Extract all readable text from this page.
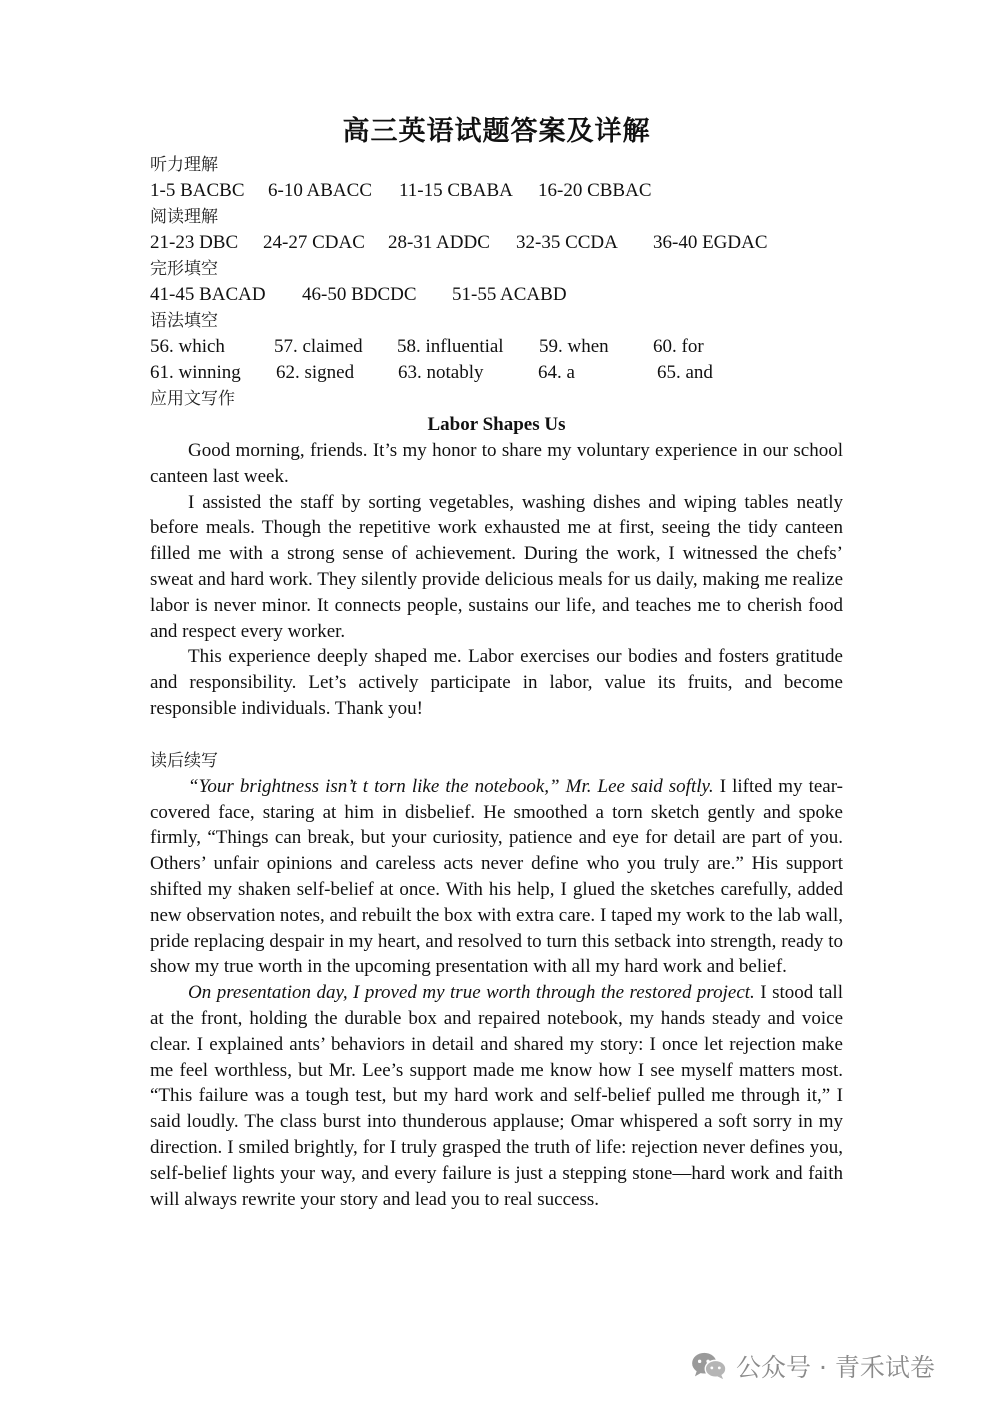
高三英语试题答案及详解
听力理解
1-5 BACBC 6-10 ABACC 11-15 CBABA 16-20 CBBAC
阅读理解
21-23 DBC 24-27 CDAC 28-31 ADDC 32-35 CCDA 36-40 EGDAC
完形填空
41-45 BACAD 46-50 BDCDC 51-55 ACABD
语法填空
56. which	57. claimed	58. influential	59. when	60. for
61. winning	62. signed	63. notably	64. a	65. and
应用文写作
Labor Shapes Us

Good morning, friends. It’s my honor to share my voluntary experience in our school canteen last week.

I assisted the staff by sorting vegetables, washing dishes and wiping tables neatly before meals. Though the repetitive work exhausted me at first, seeing the tidy canteen filled me with a strong sense of achievement. During the work, I witnessed the chefs’ sweat and hard work. They silently provide delicious meals for us daily, making me realize labor is never minor. It connects people, sustains our life, and teaches me to cherish food and respect every worker.

This experience deeply shaped me. Labor exercises our bodies and fosters gratitude and responsibility. Let’s actively participate in labor, value its fruits, and become responsible individuals. Thank you!

读后续写

“Your brightness isn’t t torn like the notebook,” Mr. Lee said softly. I lifted my tear-covered face, staring at him in disbelief. He smoothed a torn sketch gently and spoke firmly, “Things can break, but your curiosity, patience and eye for detail are part of you. Others’ unfair opinions and careless acts never define who you truly are.” His support shifted my shaken self-belief at once. With his help, I glued the sketches carefully, added new observation notes, and rebuilt the box with extra care. I taped my work to the lab wall, pride replacing despair in my heart, and resolved to turn this setback into strength, ready to show my true worth in the upcoming presentation with all my hard work and belief.

On presentation day, I proved my true worth through the restored project. I stood tall at the front, holding the durable box and repaired notebook, my hands steady and voice clear. I explained ants’ behaviors in detail and shared my story: I once let rejection make me feel worthless, but Mr. Lee’s support made me know how I see myself matters most. “This failure was a tough test, but my hard work and self-belief pulled me through it,” I said loudly. The class burst into thunderous applause; Omar whispered a soft sorry in my direction. I smiled brightly, for I truly grasped the truth of life: rejection never defines you, self-belief lights your way, and every failure is just a stepping stone—hard work and faith will always rewrite your story and lead you to real success.

公众号 · 青禾试卷
